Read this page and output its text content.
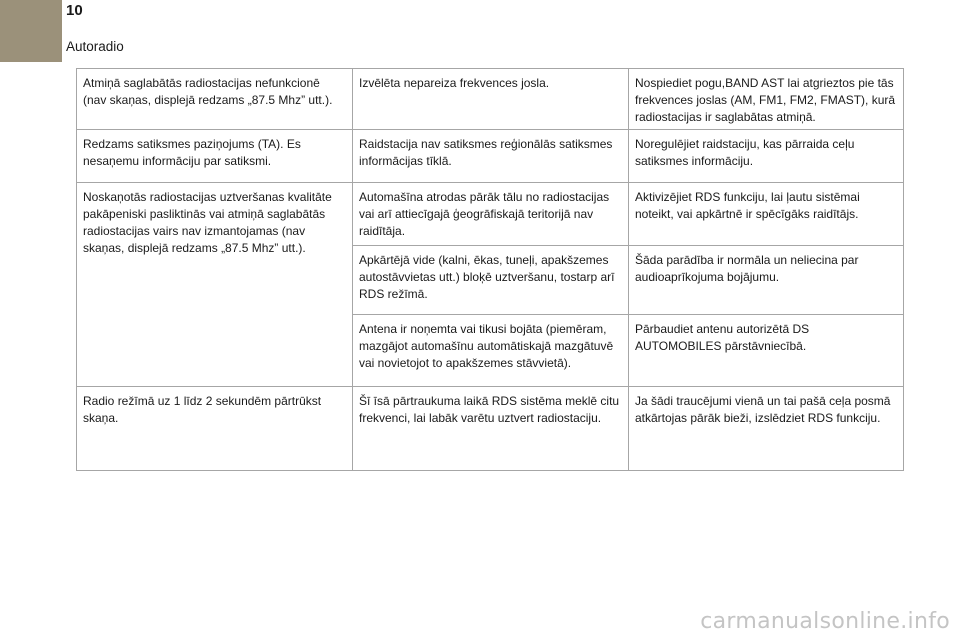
10
Autoradio
Atmiņā saglabātās radiostacijas nefunkcionē (nav skaņas, displejā redzams „87.5 Mhz” utt.).	Izvēlēta nepareiza frekvences josla.	Nospiediet pogu,BAND AST lai atgrieztos pie tās frekvences joslas (AM, FM1, FM2, FMAST), kurā radiostacijas ir saglabātas atmiņā.
Redzams satiksmes paziņojums (TA). Es nesaņemu informāciju par satiksmi.	Raidstacija nav satiksmes reģionālās satiksmes informācijas tīklā.	Noregulējiet raidstaciju, kas pārraida ceļu satiksmes informāciju.
Noskaņotās radiostacijas uztveršanas kvalitāte pakāpeniski pasliktinās vai atmiņā saglabātās radiostacijas vairs nav izmantojamas (nav skaņas, displejā redzams „87.5 Mhz” utt.).	Automašīna atrodas pārāk tālu no radiostacijas vai arī attiecīgajā ģeogrāfiskajā teritorijā nav raidītāja.	Aktivizējiet RDS funkciju, lai ļautu sistēmai noteikt, vai apkārtnē ir spēcīgāks raidītājs.
	Apkārtējā vide (kalni, ēkas, tuneļi, apakšzemes autostāvvietas utt.) bloķē uztveršanu, tostarp arī RDS režīmā.	Šāda parādība ir normāla un neliecina par audioaprīkojuma bojājumu.
	Antena ir noņemta vai tikusi bojāta (piemēram, mazgājot automašīnu automātiskajā mazgātuvē vai novietojot to apakšzemes stāvvietā).	Pārbaudiet antenu autorizētā DS AUTOMOBILES pārstāvniecībā.
Radio režīmā uz 1 līdz 2 sekundēm pārtrūkst skaņa.	Šī īsā pārtraukuma laikā RDS sistēma meklē citu frekvenci, lai labāk varētu uztvert radiostaciju.	Ja šādi traucējumi vienā un tai pašā ceļa posmā atkārtojas pārāk bieži, izslēdziet RDS funkciju.
carmanualsonline.info
